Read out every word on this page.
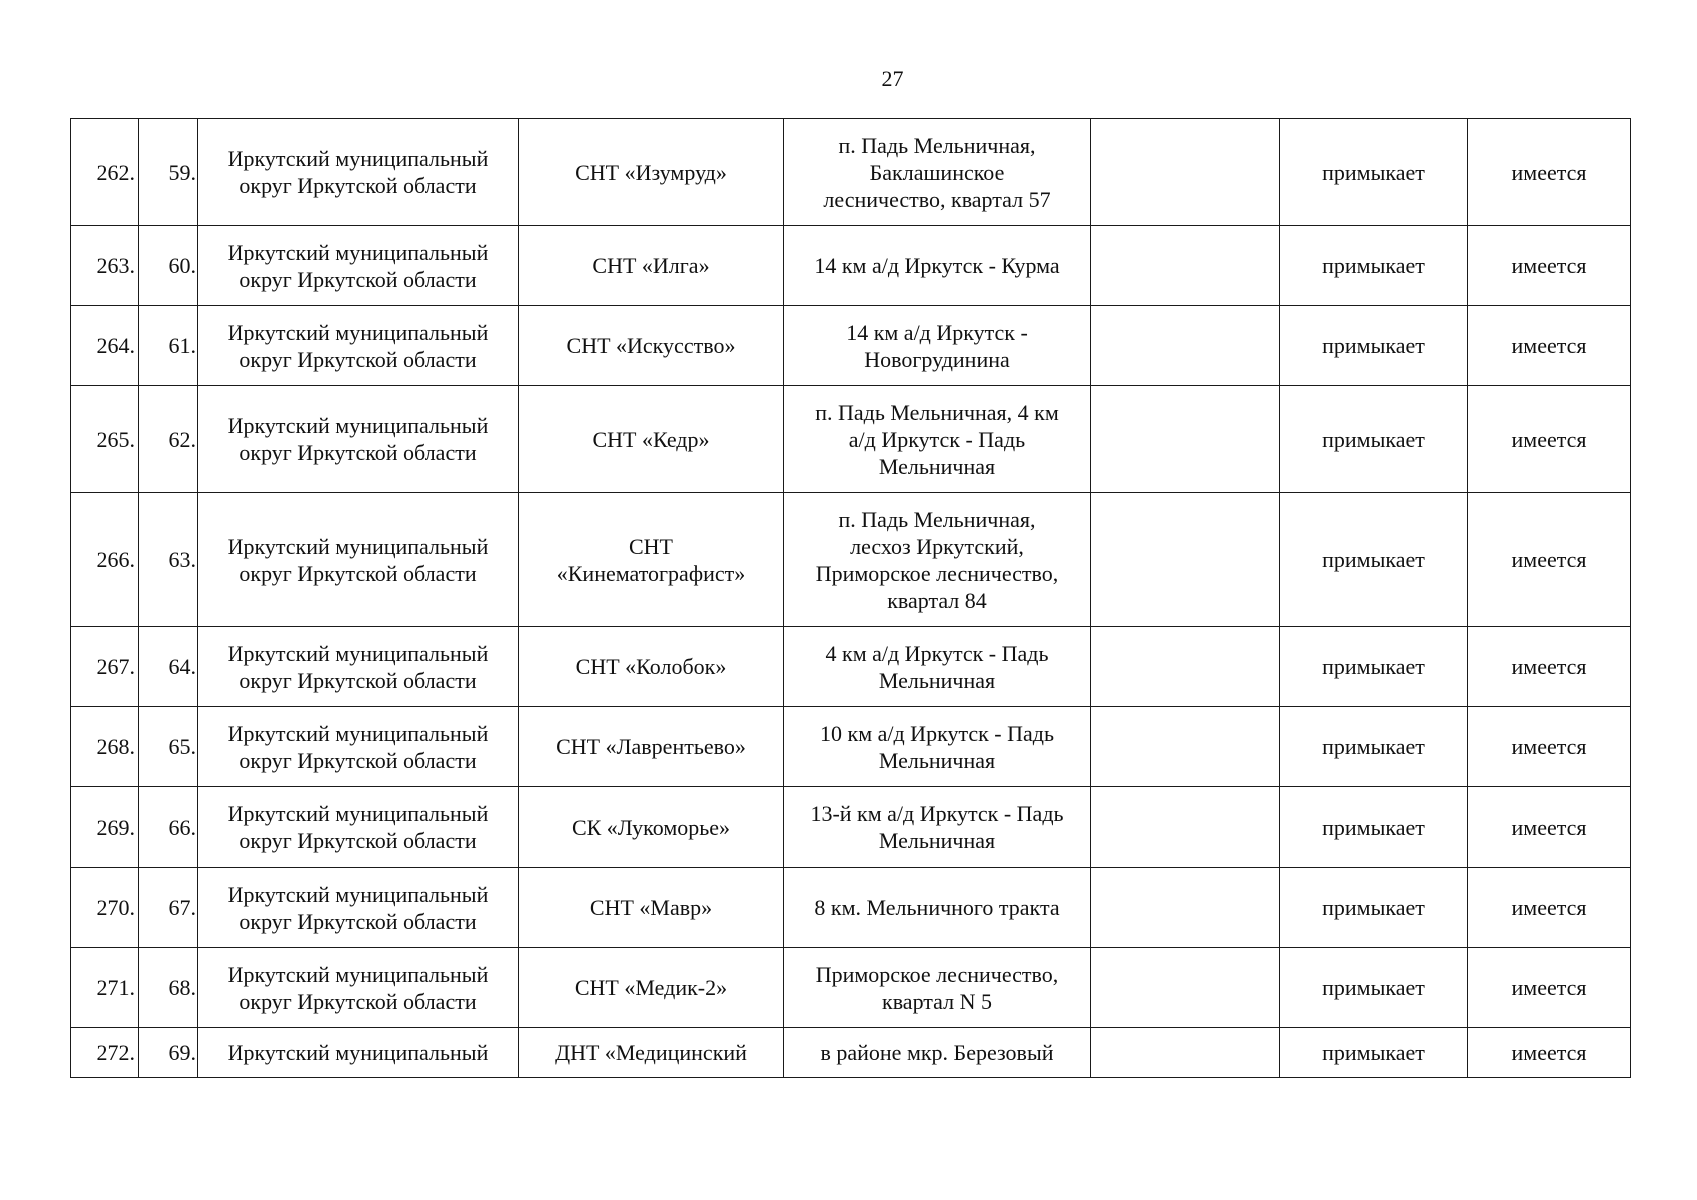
27
262.	59.	Иркутский муниципальный
округ Иркутской области	СНТ «Изумруд»	п. Падь Мельничная,
Баклашинское
лесничество, квартал 57		примыкает	имеется
263.	60.	Иркутский муниципальный
округ Иркутской области	СНТ «Илга»	14 км а/д Иркутск - Курма		примыкает	имеется
264.	61.	Иркутский муниципальный
округ Иркутской области	СНТ «Искусство»	14 км а/д Иркутск -
Новогрудинина		примыкает	имеется
265.	62.	Иркутский муниципальный
округ Иркутской области	СНТ «Кедр»	п. Падь Мельничная, 4 км
а/д Иркутск - Падь
Мельничная		примыкает	имеется
266.	63.	Иркутский муниципальный
округ Иркутской области	СНТ
«Кинематографист»	п. Падь Мельничная,
лесхоз Иркутский,
Приморское лесничество,
квартал 84		примыкает	имеется
267.	64.	Иркутский муниципальный
округ Иркутской области	СНТ «Колобок»	4 км а/д Иркутск - Падь
Мельничная		примыкает	имеется
268.	65.	Иркутский муниципальный
округ Иркутской области	СНТ «Лаврентьево»	10 км а/д Иркутск - Падь
Мельничная		примыкает	имеется
269.	66.	Иркутский муниципальный
округ Иркутской области	СК «Лукоморье»	13-й км а/д Иркутск - Падь
Мельничная		примыкает	имеется
270.	67.	Иркутский муниципальный
округ Иркутской области	СНТ «Мавр»	8 км. Мельничного тракта		примыкает	имеется
271.	68.	Иркутский муниципальный
округ Иркутской области	СНТ «Медик-2»	Приморское лесничество,
квартал N 5		примыкает	имеется
272.	69.	Иркутский муниципальный	ДНТ «Медицинский	в районе мкр. Березовый		примыкает	имеется
